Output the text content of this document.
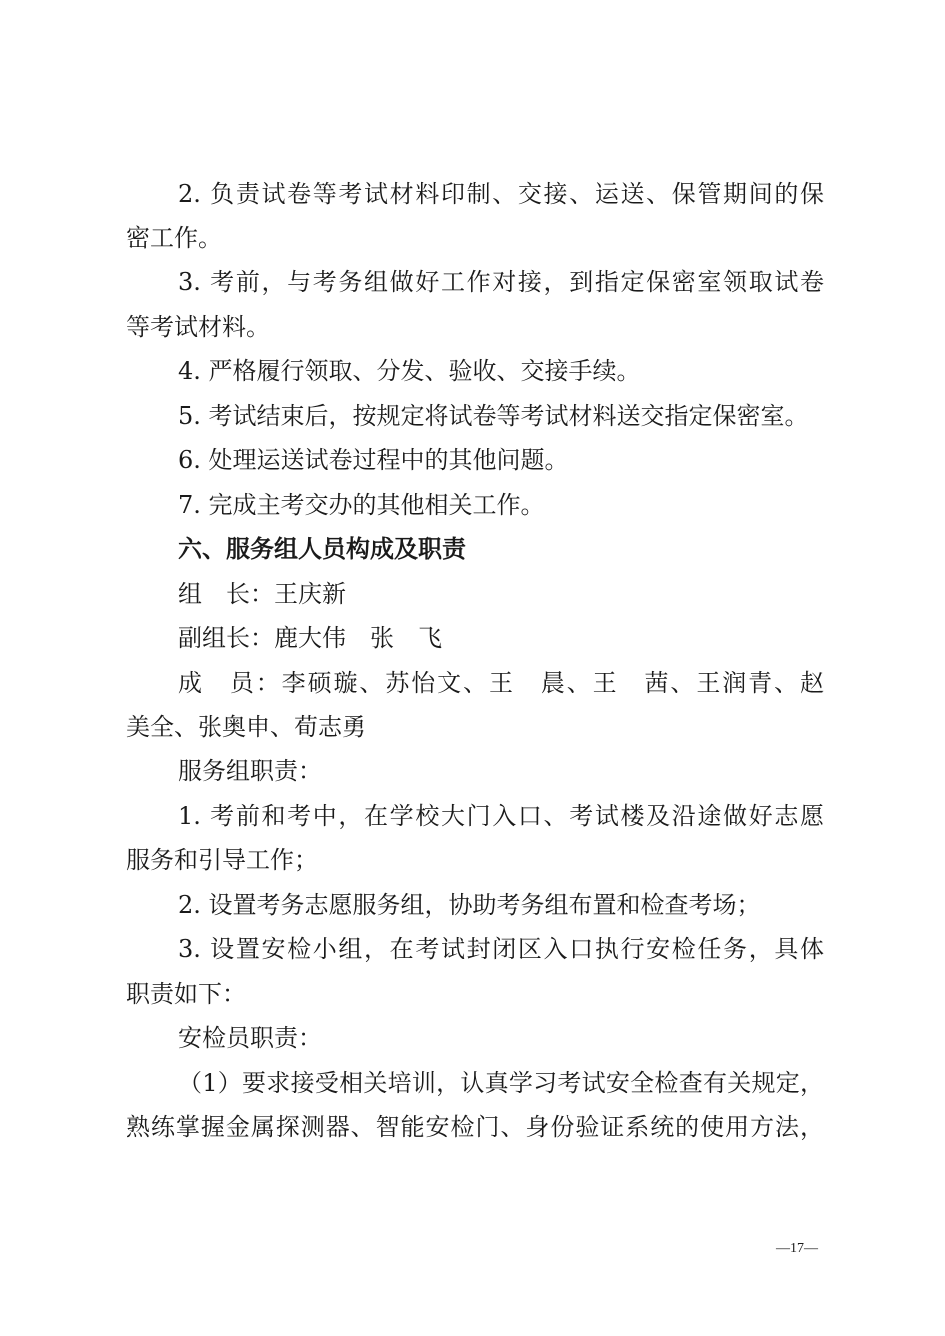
2. 负责试卷等考试材料印制、交接、运送、保管期间的保
密工作。
3. 考前，与考务组做好工作对接，到指定保密室领取试卷
等考试材料。
4. 严格履行领取、分发、验收、交接手续。
5. 考试结束后，按规定将试卷等考试材料送交指定保密室。
6. 处理运送试卷过程中的其他问题。
7. 完成主考交办的其他相关工作。
六、服务组人员构成及职责
组　长：王庆新
副组长：鹿大伟　张　飞
成　员：李硕璇、苏怡文、王　晨、王　茜、王润青、赵
美全、张奥申、荀志勇
服务组职责：
1. 考前和考中，在学校大门入口、考试楼及沿途做好志愿
服务和引导工作；
2. 设置考务志愿服务组，协助考务组布置和检查考场；
3. 设置安检小组，在考试封闭区入口执行安检任务，具体
职责如下：
安检员职责：
（1）要求接受相关培训，认真学习考试安全检查有关规定，
熟练掌握金属探测器、智能安检门、身份验证系统的使用方法，
—17—
